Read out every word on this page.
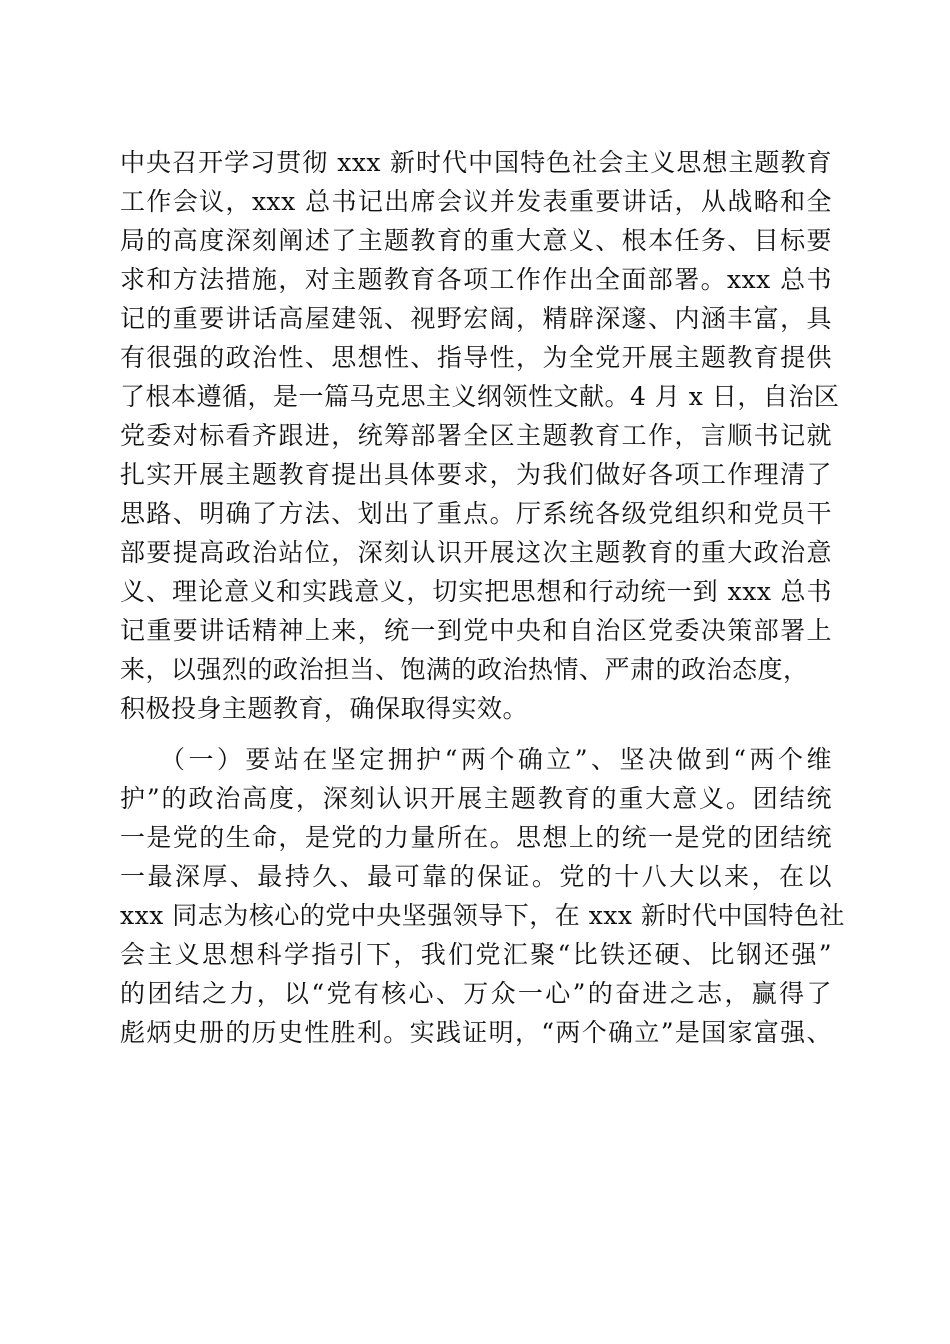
中央召开学习贯彻 xxx 新时代中国特色社会主义思想主题教育
工作会议，xxx 总书记出席会议并发表重要讲话，从战略和全
局的高度深刻阐述了主题教育的重大意义、根本任务、目标要
求和方法措施，对主题教育各项工作作出全面部署。xxx 总书
记的重要讲话高屋建瓴、视野宏阔，精辟深邃、内涵丰富，具
有很强的政治性、思想性、指导性，为全党开展主题教育提供
了根本遵循，是一篇马克思主义纲领性文献。4 月 x 日，自治区
党委对标看齐跟进，统筹部署全区主题教育工作，言顺书记就
扎实开展主题教育提出具体要求，为我们做好各项工作理清了
思路、明确了方法、划出了重点。厅系统各级党组织和党员干
部要提高政治站位，深刻认识开展这次主题教育的重大政治意
义、理论意义和实践意义，切实把思想和行动统一到 xxx 总书
记重要讲话精神上来，统一到党中央和自治区党委决策部署上
来，以强烈的政治担当、饱满的政治热情、严肃的政治态度，
积极投身主题教育，确保取得实效。
（一）要站在坚定拥护“两个确立”、坚决做到“两个维
护”的政治高度，深刻认识开展主题教育的重大意义。团结统
一是党的生命，是党的力量所在。思想上的统一是党的团结统
一最深厚、最持久、最可靠的保证。党的十八大以来，在以
xxx 同志为核心的党中央坚强领导下，在 xxx 新时代中国特色社
会主义思想科学指引下，我们党汇聚“比铁还硬、比钢还强”
的团结之力，以“党有核心、万众一心”的奋进之志，赢得了
彪炳史册的历史性胜利。实践证明，“两个确立”是国家富强、
